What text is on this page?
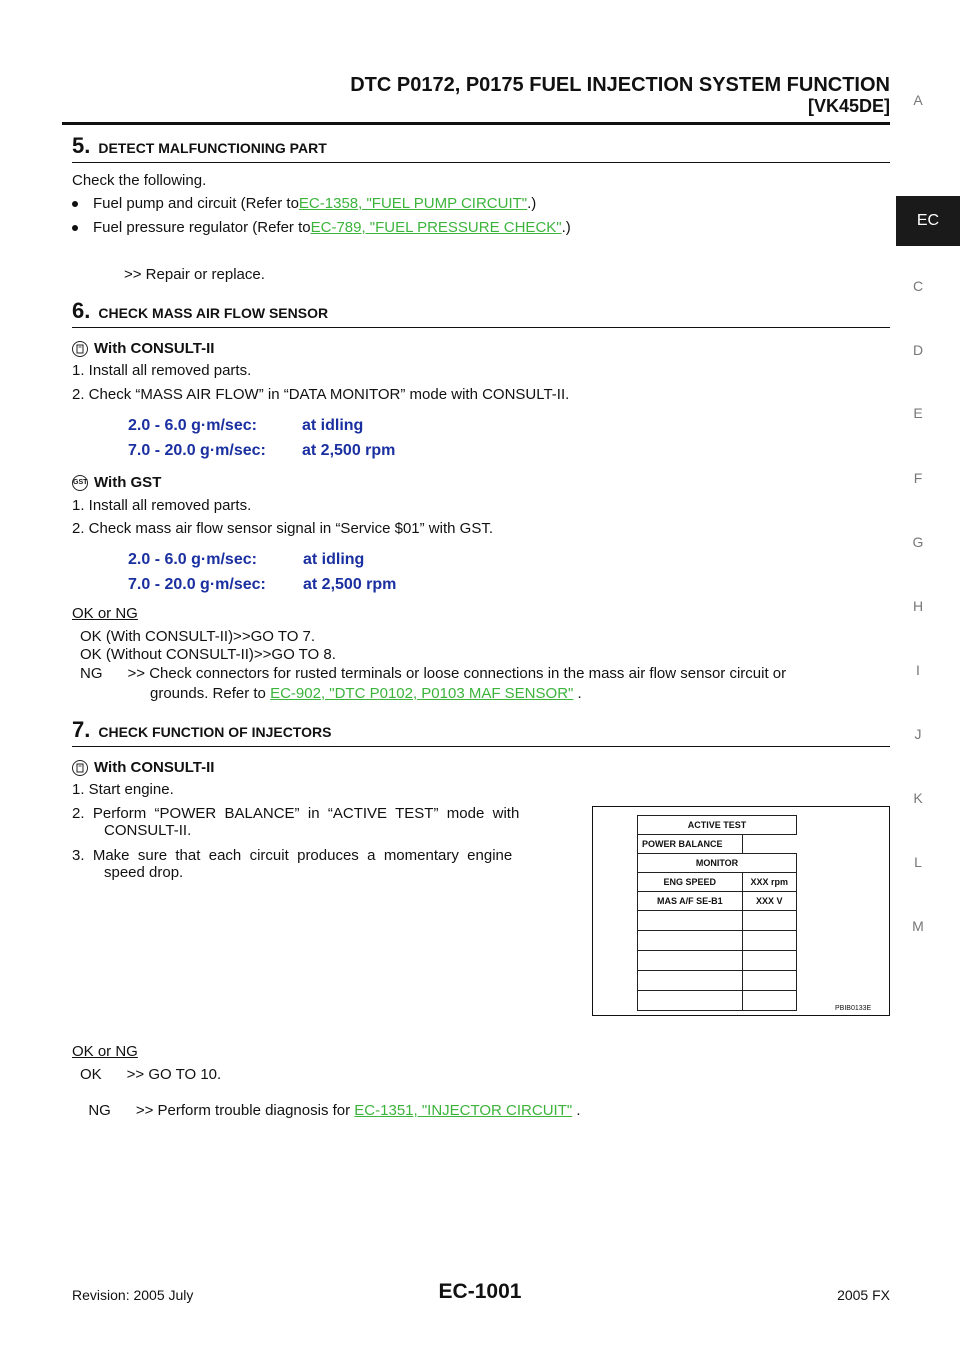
DTC P0172, P0175 FUEL INJECTION SYSTEM FUNCTION
[VK45DE]	A
EC
C
D
E
F
G
H
I
J
K
L
M
5. DETECT MALFUNCTIONING PART
Check the following.
Fuel pump and circuit (Refer to EC-1358, "FUEL PUMP CIRCUIT" .)
Fuel pressure regulator (Refer to EC-789, "FUEL PRESSURE CHECK" .)
>> Repair or replace.
6. CHECK MASS AIR FLOW SENSOR
With CONSULT-II
1. Install all removed parts.
2. Check “MASS AIR FLOW” in “DATA MONITOR” mode with CONSULT-II.
2.0 - 6.0 g·m/sec:	at idling
7.0 - 20.0 g·m/sec:	at 2,500 rpm
GST With GST
1. Install all removed parts.
2. Check mass air flow sensor signal in “Service $01” with GST.
2.0 - 6.0 g·m/sec:	at idling
7.0 - 20.0 g·m/sec:	at 2,500 rpm
OK or NG
OK (With CONSULT-II)>>GO TO 7.
OK (Without CONSULT-II)>>GO TO 8.
NG      >> Check connectors for rusted terminals or loose connections in the mass air flow sensor circuit or
grounds. Refer to EC-902, "DTC P0102, P0103 MAF SENSOR" .
7. CHECK FUNCTION OF INJECTORS
With CONSULT-II
1. Start engine.
2.  Perform  “POWER  BALANCE”  in  “ACTIVE  TEST”  mode  with
CONSULT-II.
3.  Make  sure  that  each  circuit  produces  a  momentary  engine
speed drop.
ACTIVE TEST	
POWER BALANCE	
MONITOR	
ENG SPEED	XXX rpm
MAS A/F SE-B1	XXX V

PBIB0133E
OK or NG
OK      >> GO TO 10.

NG      >> Perform trouble diagnosis for EC-1351, "INJECTOR CIRCUIT" .

Revision: 2005 July	EC-1001	2005 FX
